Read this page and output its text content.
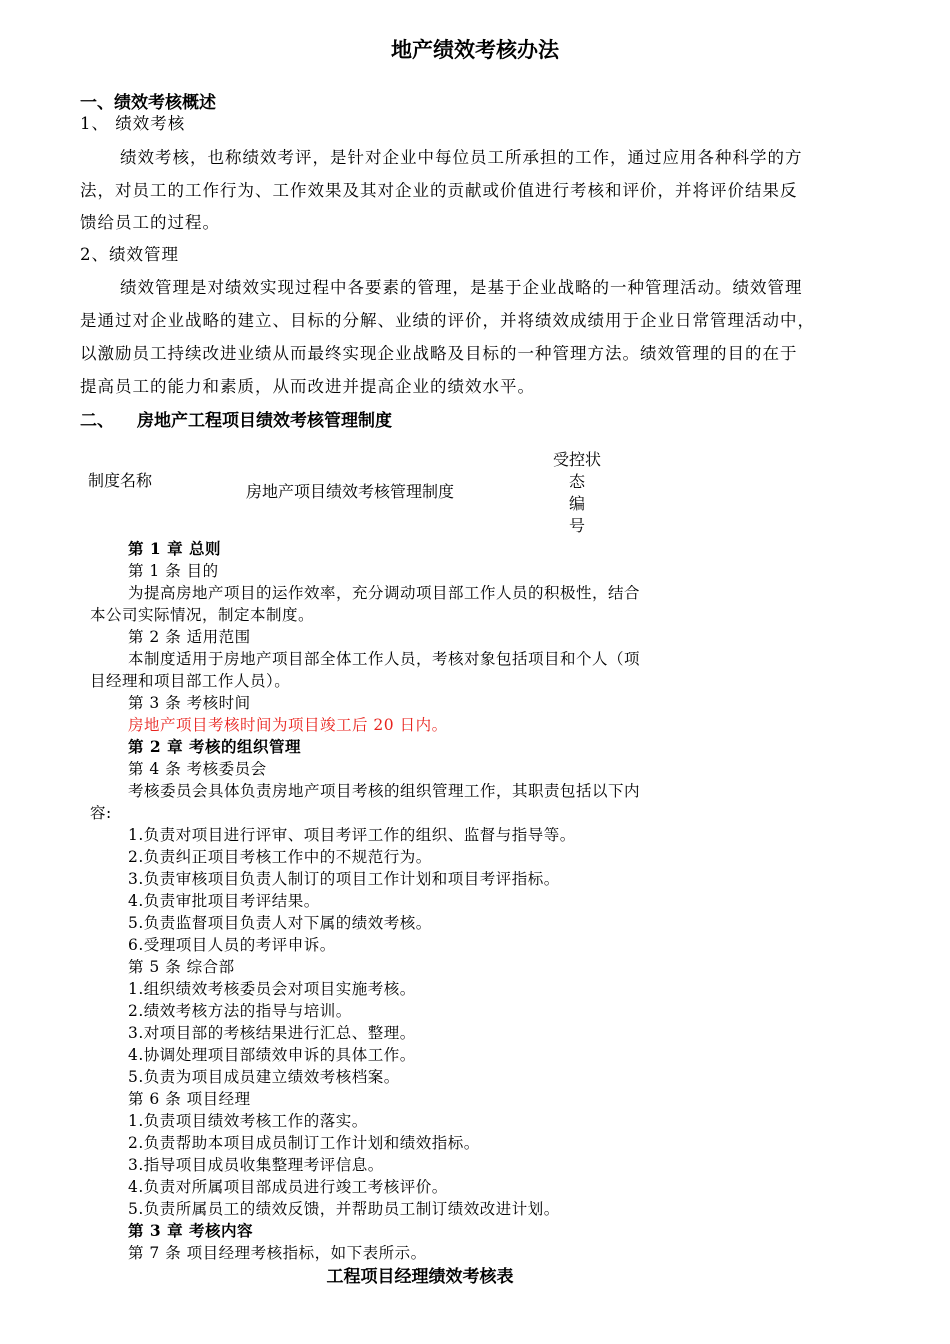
地产绩效考核办法
一、绩效考核概述
1、 绩效考核
绩效考核，也称绩效考评，是针对企业中每位员工所承担的工作，通过应用各种科学的方
法，对员工的工作行为、工作效果及其对企业的贡献或价值进行考核和评价，并将评价结果反
馈给员工的过程。
2、绩效管理
绩效管理是对绩效实现过程中各要素的管理，是基于企业战略的一种管理活动。绩效管理
是通过对企业战略的建立、目标的分解、业绩的评价，并将绩效成绩用于企业日常管理活动中，
以激励员工持续改进业绩从而最终实现企业战略及目标的一种管理方法。绩效管理的目的在于
提高员工的能力和素质，从而改进并提高企业的绩效水平。
二、 房地产工程项目绩效考核管理制度
制度名称
房地产项目绩效考核管理制度
受控状态
编号
第 1 章 总则
第 1 条 目的
为提高房地产项目的运作效率，充分调动项目部工作人员的积极性，结合
本公司实际情况，制定本制度。
第 2 条 适用范围
本制度适用于房地产项目部全体工作人员，考核对象包括项目和个人（项
目经理和项目部工作人员）。
第 3 条 考核时间
房地产项目考核时间为项目竣工后 20 日内。
第 2 章 考核的组织管理
第 4 条 考核委员会
考核委员会具体负责房地产项目考核的组织管理工作，其职责包括以下内
容:
1.负责对项目进行评审、项目考评工作的组织、监督与指导等。
2.负责纠正项目考核工作中的不规范行为。
3.负责审核项目负责人制订的项目工作计划和项目考评指标。
4.负责审批项目考评结果。
5.负责监督项目负责人对下属的绩效考核。
6.受理项目人员的考评申诉。
第 5 条 综合部
1.组织绩效考核委员会对项目实施考核。
2.绩效考核方法的指导与培训。
3.对项目部的考核结果进行汇总、整理。
4.协调处理项目部绩效申诉的具体工作。
5.负责为项目成员建立绩效考核档案。
第 6 条 项目经理
1.负责项目绩效考核工作的落实。
2.负责帮助本项目成员制订工作计划和绩效指标。
3.指导项目成员收集整理考评信息。
4.负责对所属项目部成员进行竣工考核评价。
5.负责所属员工的绩效反馈，并帮助员工制订绩效改进计划。
第 3 章 考核内容
第 7 条 项目经理考核指标，如下表所示。
工程项目经理绩效考核表
